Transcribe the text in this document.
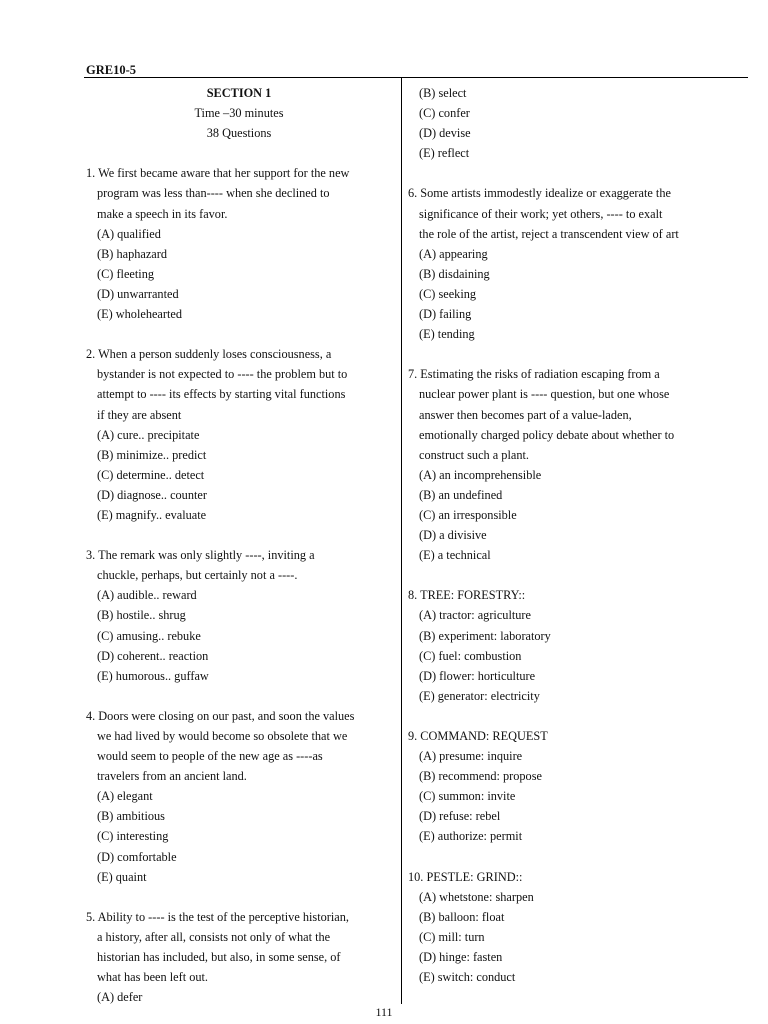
GRE10-5
SECTION 1
Time –30 minutes
38 Questions
1. We first became aware that her support for the new
program was less than---- when she declined to
make a speech in its favor.
(A) qualified
(B) haphazard
(C) fleeting
(D) unwarranted
(E) wholehearted
2. When a person suddenly loses consciousness, a
bystander is not expected to ---- the problem but to
attempt to ---- its effects by starting vital functions
if they are absent
(A) cure.. precipitate
(B) minimize.. predict
(C) determine.. detect
(D) diagnose.. counter
(E) magnify.. evaluate
3. The remark was only slightly ----, inviting a
chuckle, perhaps, but certainly not a ----.
(A) audible.. reward
(B) hostile.. shrug
(C) amusing.. rebuke
(D) coherent.. reaction
(E) humorous.. guffaw
4. Doors were closing on our past, and soon the values
we had lived by would become so obsolete that we
would seem to people of the new age as ----as
travelers from an ancient land.
(A) elegant
(B) ambitious
(C) interesting
(D) comfortable
(E) quaint
5. Ability to ---- is the test of the perceptive historian,
a history, after all, consists not only of what the
historian has included, but also, in some sense, of
what has been left out.
(A) defer
(B) select
(C) confer
(D) devise
(E) reflect
6. Some artists immodestly idealize or exaggerate the
significance of their work; yet others, ---- to exalt
the role of the artist, reject a transcendent view of art
(A) appearing
(B) disdaining
(C) seeking
(D) failing
(E) tending
7. Estimating the risks of radiation escaping from a
nuclear power plant is ---- question, but one whose
answer then becomes part of a value-laden,
emotionally charged policy debate about whether to
construct such a plant.
(A) an incomprehensible
(B) an undefined
(C) an irresponsible
(D) a divisive
(E) a technical
8. TREE: FORESTRY::
(A) tractor: agriculture
(B) experiment: laboratory
(C) fuel: combustion
(D) flower: horticulture
(E) generator: electricity
9. COMMAND: REQUEST
(A) presume: inquire
(B) recommend: propose
(C) summon: invite
(D) refuse: rebel
(E) authorize: permit
10. PESTLE: GRIND::
(A) whetstone: sharpen
(B) balloon: float
(C) mill: turn
(D) hinge: fasten
(E) switch: conduct
111
